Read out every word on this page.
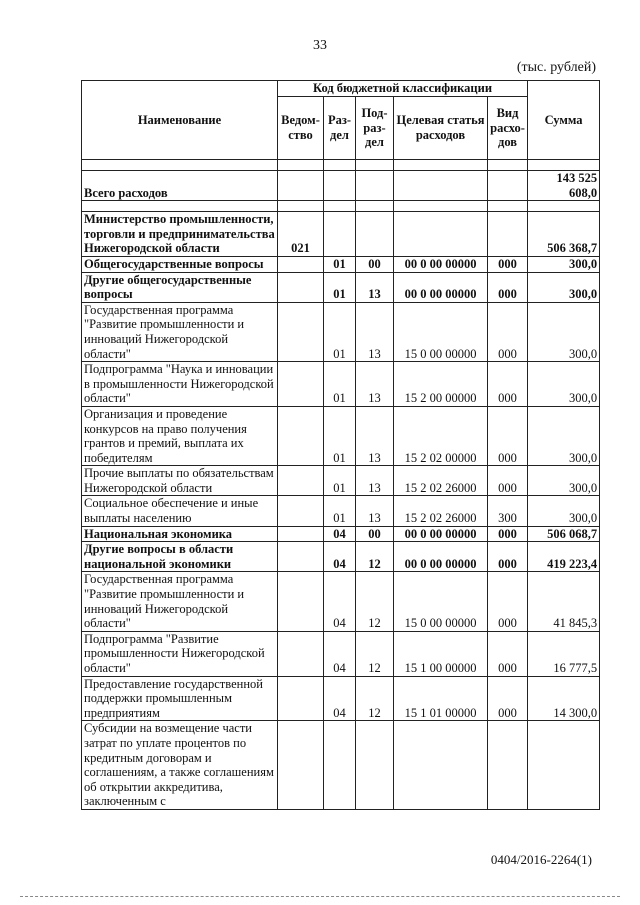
33
(тыс. рублей)
Наименование	Код бюджетной классификации					Сумма
	Ведом-ство	Раз-дел	Под-раз-дел	Целевая статья расходов	Вид расхо-дов	

Всего расходов						143 525 608,0

Министерство промышленности, торговли и предпринимательства Нижегородской области	021					506 368,7
Общегосударственные вопросы		01	00	00 0 00 00000	000	300,0
Другие общегосударственные вопросы		01	13	00 0 00 00000	000	300,0
Государственная программа "Развитие промышленности и инноваций Нижегородской области"		01	13	15 0 00 00000	000	300,0
Подпрограмма "Наука и инновации в промышленности Нижегородской области"		01	13	15 2 00 00000	000	300,0
Организация и проведение конкурсов на право получения грантов и премий, выплата их победителям		01	13	15 2 02 00000	000	300,0
Прочие выплаты по обязательствам Нижегородской области		01	13	15 2 02 26000	000	300,0
Социальное обеспечение и иные выплаты населению		01	13	15 2 02 26000	300	300,0
Национальная экономика		04	00	00 0 00 00000	000	506 068,7
Другие вопросы в области национальной экономики		04	12	00 0 00 00000	000	419 223,4
Государственная программа "Развитие промышленности и инноваций Нижегородской области"		04	12	15 0 00 00000	000	41 845,3
Подпрограмма "Развитие промышленности Нижегородской области"		04	12	15 1 00 00000	000	16 777,5
Предоставление государственной поддержки промышленным предприятиям		04	12	15 1 01 00000	000	14 300,0
Субсидии на возмещение части затрат по уплате процентов по кредитным договорам и соглашениям, а также соглашениям об открытии аккредитива, заключенным с						
0404/2016-2264(1)
